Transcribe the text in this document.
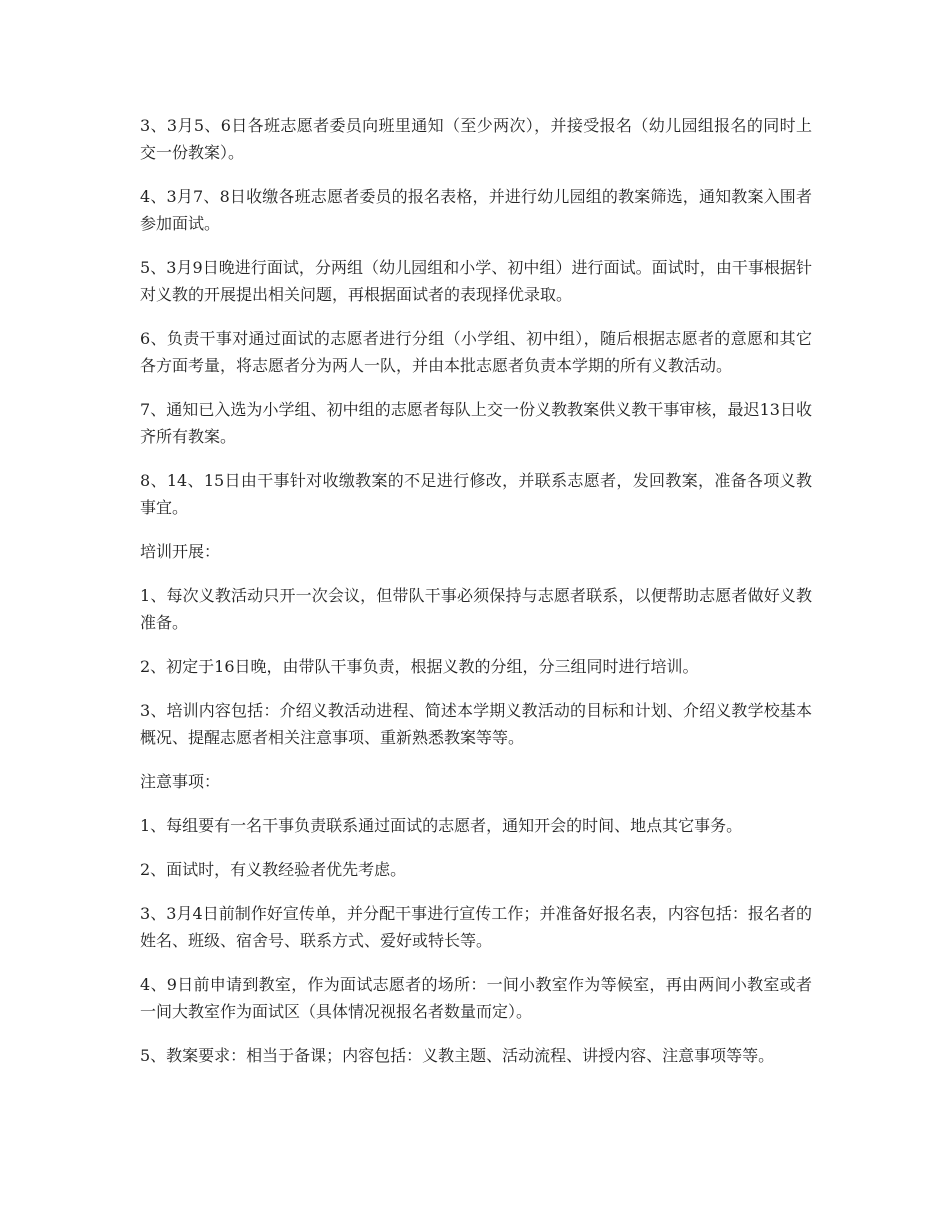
3、3月5、6日各班志愿者委员向班里通知（至少两次），并接受报名（幼儿园组报名的同时上交一份教案）。

4、3月7、8日收缴各班志愿者委员的报名表格，并进行幼儿园组的教案筛选，通知教案入围者参加面试。

5、3月9日晚进行面试，分两组（幼儿园组和小学、初中组）进行面试。面试时，由干事根据针对义教的开展提出相关问题，再根据面试者的表现择优录取。

6、负责干事对通过面试的志愿者进行分组（小学组、初中组），随后根据志愿者的意愿和其它各方面考量，将志愿者分为两人一队，并由本批志愿者负责本学期的所有义教活动。

7、通知已入选为小学组、初中组的志愿者每队上交一份义教教案供义教干事审核，最迟13日收齐所有教案。

8、14、15日由干事针对收缴教案的不足进行修改，并联系志愿者，发回教案，准备各项义教事宜。

培训开展：

1、每次义教活动只开一次会议，但带队干事必须保持与志愿者联系，以便帮助志愿者做好义教准备。

2、初定于16日晚，由带队干事负责，根据义教的分组，分三组同时进行培训。

3、培训内容包括：介绍义教活动进程、简述本学期义教活动的目标和计划、介绍义教学校基本概况、提醒志愿者相关注意事项、重新熟悉教案等等。

注意事项：

1、每组要有一名干事负责联系通过面试的志愿者，通知开会的时间、地点其它事务。

2、面试时，有义教经验者优先考虑。

3、3月4日前制作好宣传单，并分配干事进行宣传工作；并准备好报名表，内容包括：报名者的姓名、班级、宿舍号、联系方式、爱好或特长等。

4、9日前申请到教室，作为面试志愿者的场所：一间小教室作为等候室，再由两间小教室或者一间大教室作为面试区（具体情况视报名者数量而定）。

5、教案要求：相当于备课；内容包括：义教主题、活动流程、讲授内容、注意事项等等。
